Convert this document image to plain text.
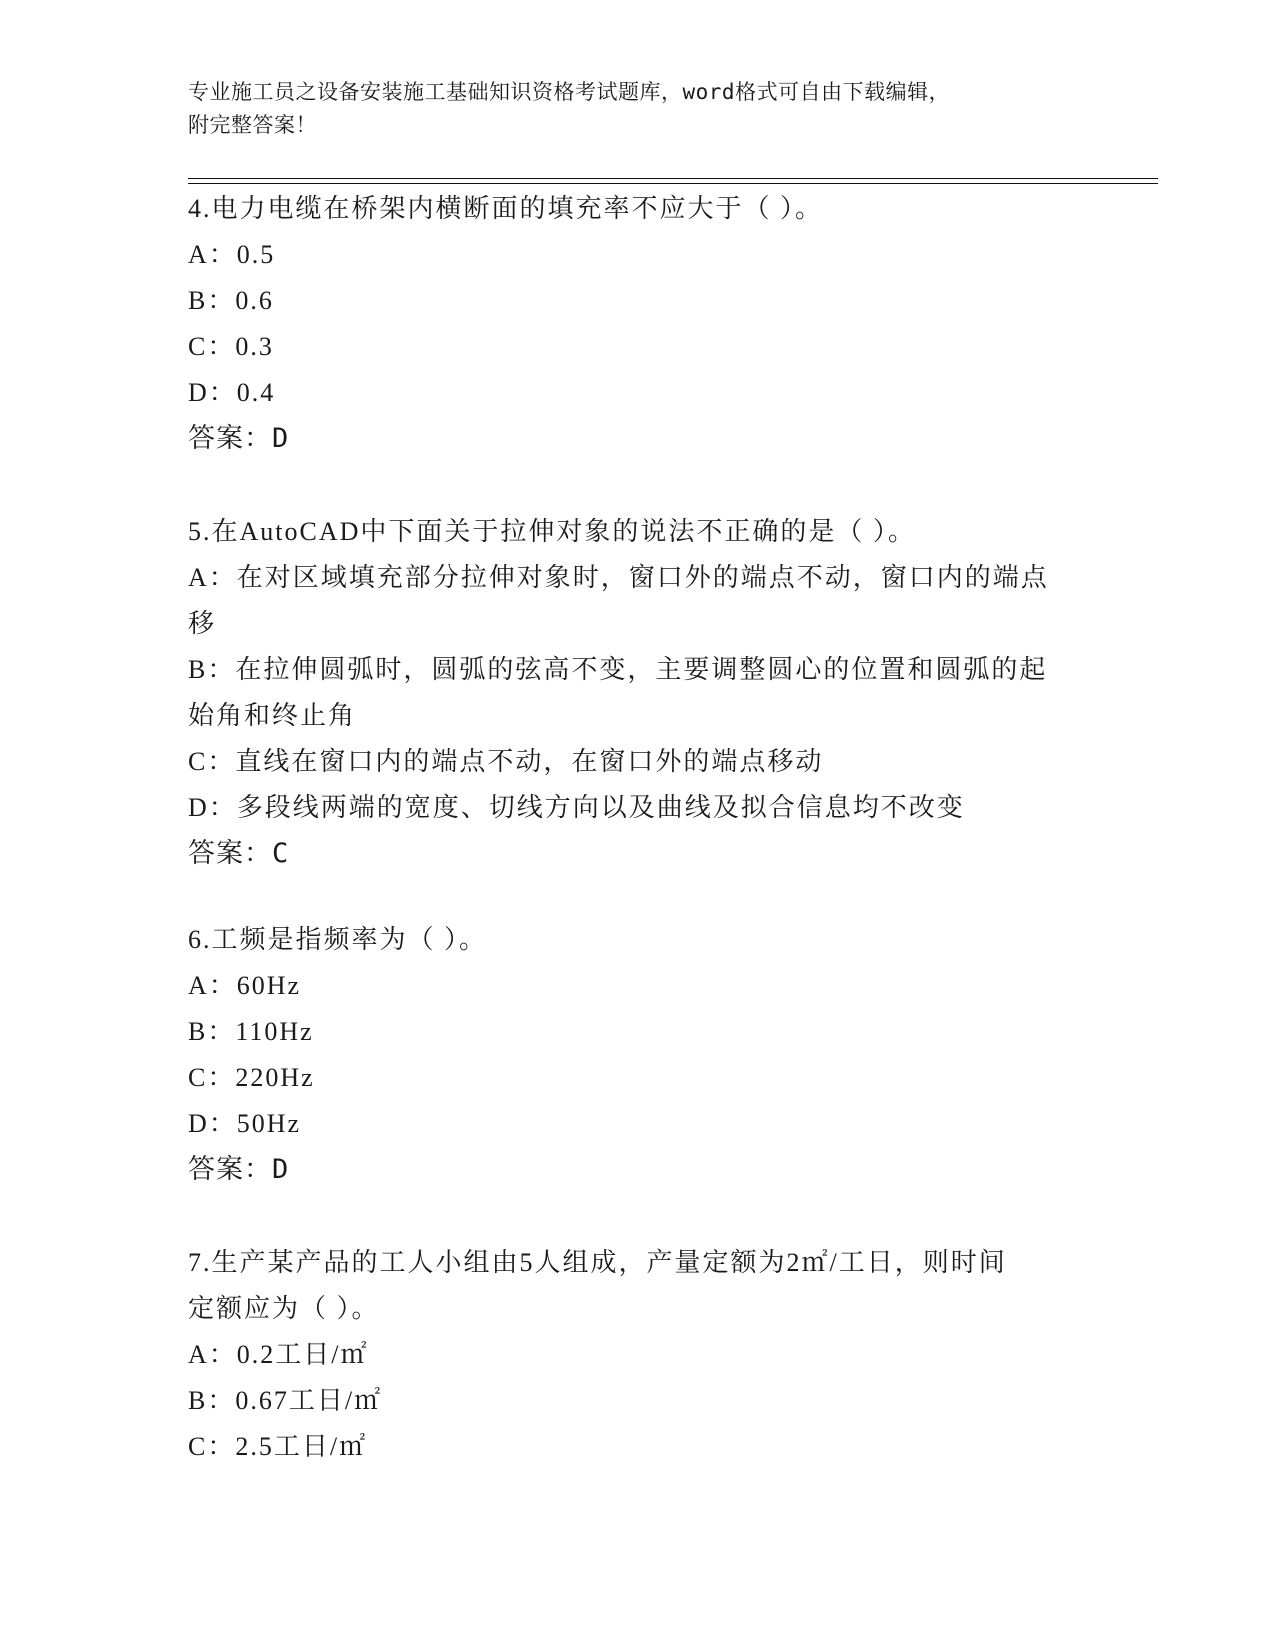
专业施工员之设备安装施工基础知识资格考试题库，word格式可自由下载编辑，
附完整答案！
4.电力电缆在桥架内横断面的填充率不应大于（ ）。
A：0.5
B：0.6
C：0.3
D：0.4
答案：D
5.在AutoCAD中下面关于拉伸对象的说法不正确的是（ ）。
A：在对区域填充部分拉伸对象时，窗口外的端点不动，窗口内的端点
移
B：在拉伸圆弧时，圆弧的弦高不变，主要调整圆心的位置和圆弧的起
始角和终止角
C：直线在窗口内的端点不动，在窗口外的端点移动
D：多段线两端的宽度、切线方向以及曲线及拟合信息均不改变
答案：C
6.工频是指频率为（ ）。
A：60Hz
B：110Hz
C：220Hz
D：50Hz
答案：D
7.生产某产品的工人小组由5人组成，产量定额为2㎡/工日，则时间
定额应为（ ）。
A：0.2工日/㎡
B：0.67工日/㎡
C：2.5工日/㎡
